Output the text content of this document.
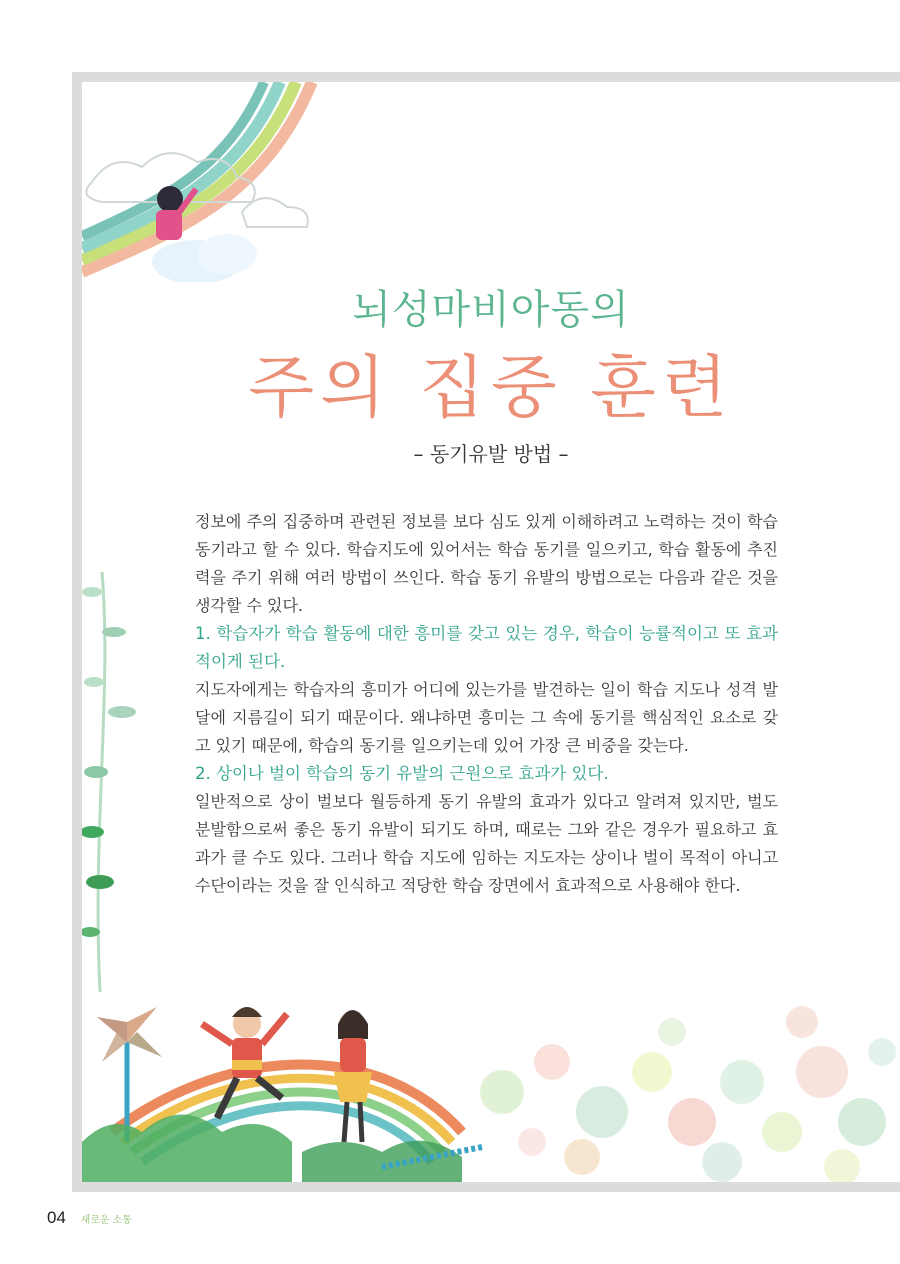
뇌성마비아동의
주의 집중 훈련
– 동기유발 방법 –

정보에 주의 집중하며 관련된 정보를 보다 심도 있게 이해하려고 노력하는 것이 학습 동기라고 할 수 있다. 학습지도에 있어서는 학습 동기를 일으키고, 학습 활동에 추진력을 주기 위해 여러 방법이 쓰인다. 학습 동기 유발의 방법으로는 다음과 같은 것을 생각할 수 있다.

1. 학습자가 학습 활동에 대한 흥미를 갖고 있는 경우, 학습이 능률적이고 또 효과적이게 된다.

지도자에게는 학습자의 흥미가 어디에 있는가를 발견하는 일이 학습 지도나 성격 발달에 지름길이 되기 때문이다. 왜냐하면 흥미는 그 속에 동기를 핵심적인 요소로 갖고 있기 때문에, 학습의 동기를 일으키는데 있어 가장 큰 비중을 갖는다.

2. 상이나 벌이 학습의 동기 유발의 근원으로 효과가 있다.

일반적으로 상이 벌보다 월등하게 동기 유발의 효과가 있다고 알려져 있지만, 벌도 분발함으로써 좋은 동기 유발이 되기도 하며, 때로는 그와 같은 경우가 필요하고 효과가 클 수도 있다. 그러나 학습 지도에 임하는 지도자는 상이나 벌이 목적이 아니고 수단이라는 것을 잘 인식하고 적당한 학습 장면에서 효과적으로 사용해야 한다.

04 새로운 소통
